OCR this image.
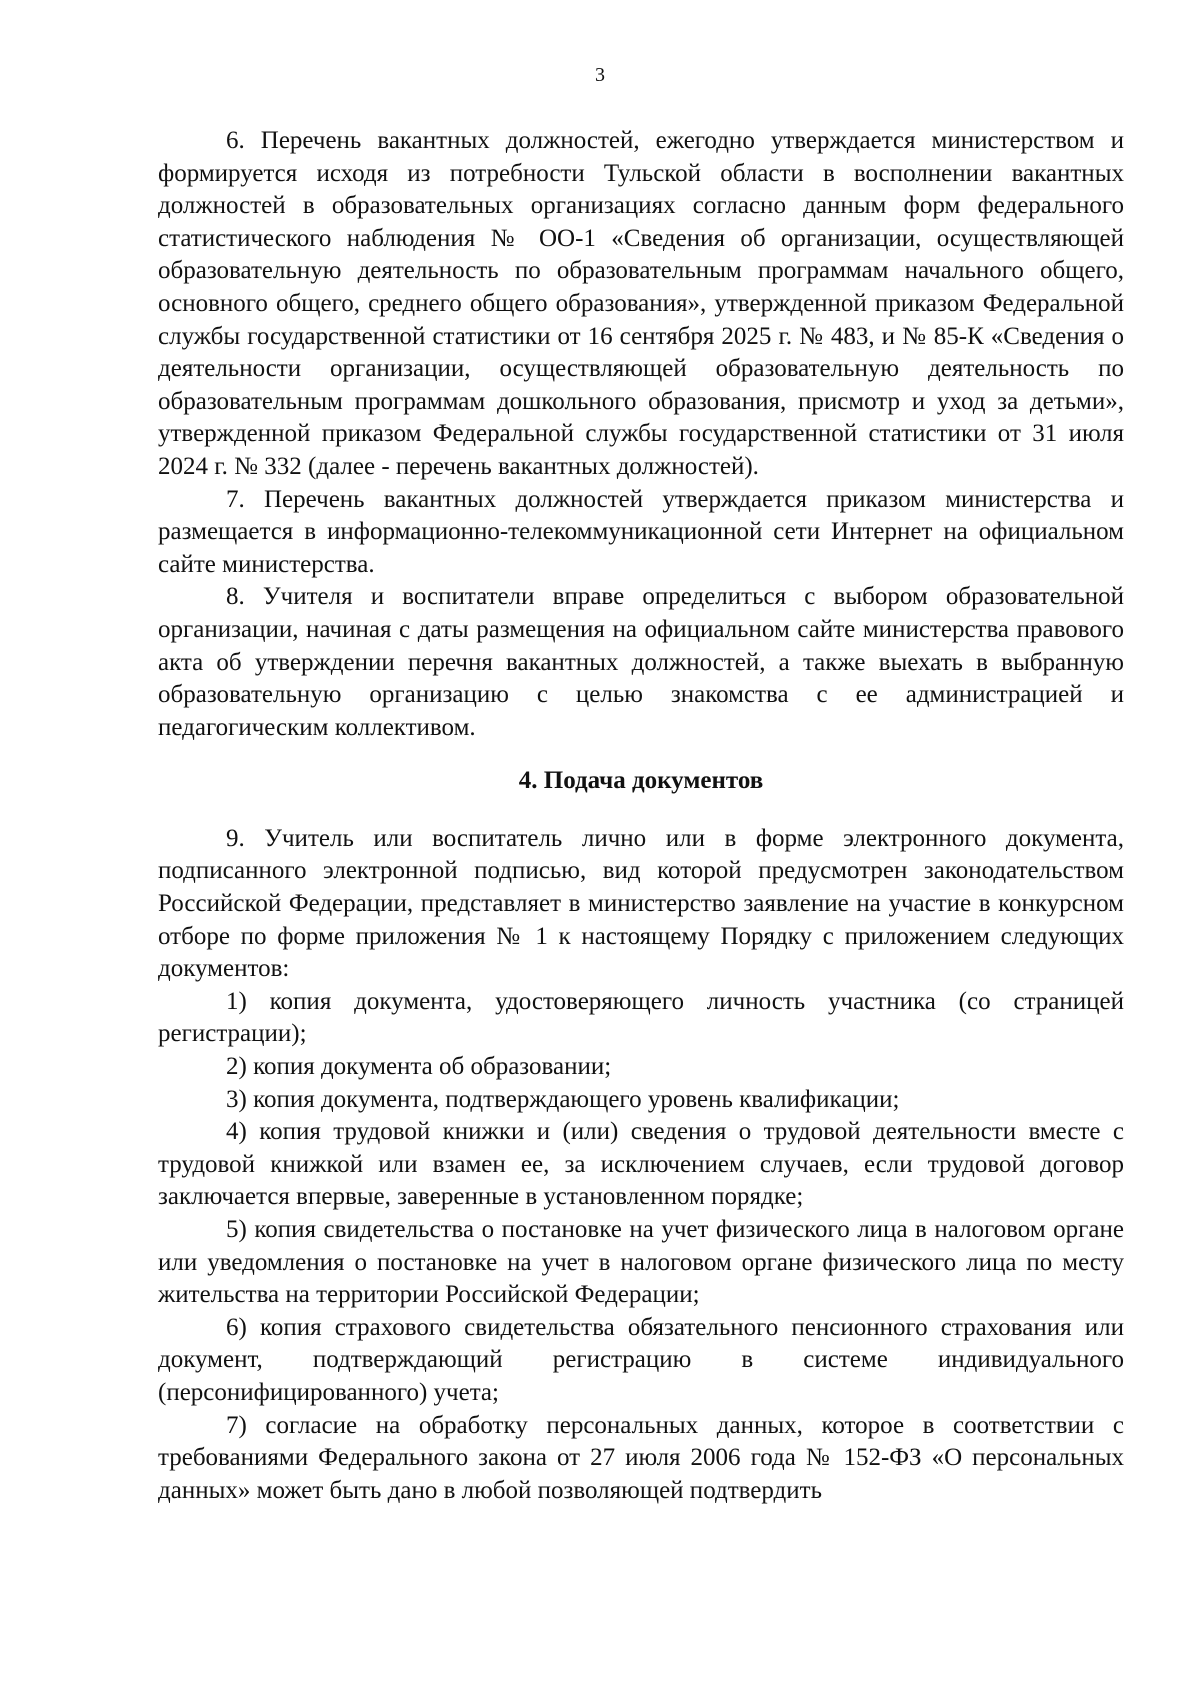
3

6. Перечень вакантных должностей, ежегодно утверждается министерством и формируется исходя из потребности Тульской области в восполнении вакантных должностей в образовательных организациях согласно данным форм федерального статистического наблюдения № ОО-1 «Сведения об организации, осуществляющей образовательную деятельность по образовательным программам начального общего, основного общего, среднего общего образования», утвержденной приказом Федеральной службы государственной статистики от 16 сентября 2025 г. № 483, и № 85-К «Сведения о деятельности организации, осуществляющей образовательную деятельность по образовательным программам дошкольного образования, присмотр и уход за детьми», утвержденной приказом Федеральной службы государственной статистики от 31 июля 2024 г. № 332 (далее - перечень вакантных должностей).

7. Перечень вакантных должностей утверждается приказом министерства и размещается в информационно-телекоммуникационной сети Интернет на официальном сайте министерства.

8. Учителя и воспитатели вправе определиться с выбором образовательной организации, начиная с даты размещения на официальном сайте министерства правового акта об утверждении перечня вакантных должностей, а также выехать в выбранную образовательную организацию с целью знакомства с ее администрацией и педагогическим коллективом.

4. Подача документов

9. Учитель или воспитатель лично или в форме электронного документа, подписанного электронной подписью, вид которой предусмотрен законодательством Российской Федерации, представляет в министерство заявление на участие в конкурсном отборе по форме приложения № 1 к настоящему Порядку с приложением следующих документов:

1) копия документа, удостоверяющего личность участника (со страницей регистрации);

2) копия документа об образовании;

3) копия документа, подтверждающего уровень квалификации;

4) копия трудовой книжки и (или) сведения о трудовой деятельности вместе с трудовой книжкой или взамен ее, за исключением случаев, если трудовой договор заключается впервые, заверенные в установленном порядке;

5) копия свидетельства о постановке на учет физического лица в налоговом органе или уведомления о постановке на учет в налоговом органе физического лица по месту жительства на территории Российской Федерации;

6) копия страхового свидетельства обязательного пенсионного страхования или документ, подтверждающий регистрацию в системе индивидуального (персонифицированного) учета;

7) согласие на обработку персональных данных, которое в соответствии с требованиями Федерального закона от 27 июля 2006 года № 152-ФЗ «О персональных данных» может быть дано в любой позволяющей подтвердить
